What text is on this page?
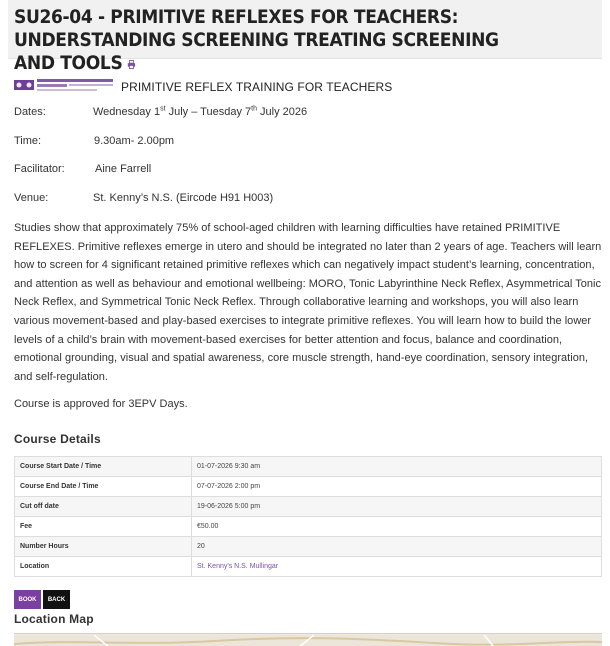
SU26-04 - PRIMITIVE REFLEXES FOR TEACHERS: UNDERSTANDING SCREENING TREATING SCREENING AND TOOLS
PRIMITIVE REFLEX TRAINING FOR TEACHERS
Dates:	Wednesday 1st July – Tuesday 7th July 2026
Time:	9.30am- 2.00pm
Facilitator:	Aine Farrell
Venue:	St. Kenny’s N.S. (Eircode H91 H003)

Studies show that approximately 75% of school-aged children with learning difficulties have retained PRIMITIVE REFLEXES. Primitive reflexes emerge in utero and should be integrated no later than 2 years of age. Teachers will learn how to screen for 4 significant retained primitive reflexes which can negatively impact student’s learning, concentration, and attention as well as behaviour and emotional wellbeing: MORO, Tonic Labyrinthine Neck Reflex, Asymmetrical Tonic Neck Reflex, and Symmetrical Tonic Neck Reflex. Through collaborative learning and workshops, you will also learn various movement-based and play-based exercises to integrate primitive reflexes. You will learn how to build the lower levels of a child’s brain with movement-based exercises for better attention and focus, balance and coordination, emotional grounding, visual and spatial awareness, core muscle strength, hand-eye coordination, sensory integration, and self-regulation.

Course is approved for 3EPV Days.
Course Details
Course Start Date / Time	01-07-2026 9:30 am
Course End Date / Time	07-07-2026 2:00 pm
Cut off date	19-06-2026 5:00 pm
Fee	€50.00
Number Hours	20
Location	St. Kenny's N.S. Mullingar
BOOK	BACK
Location Map
